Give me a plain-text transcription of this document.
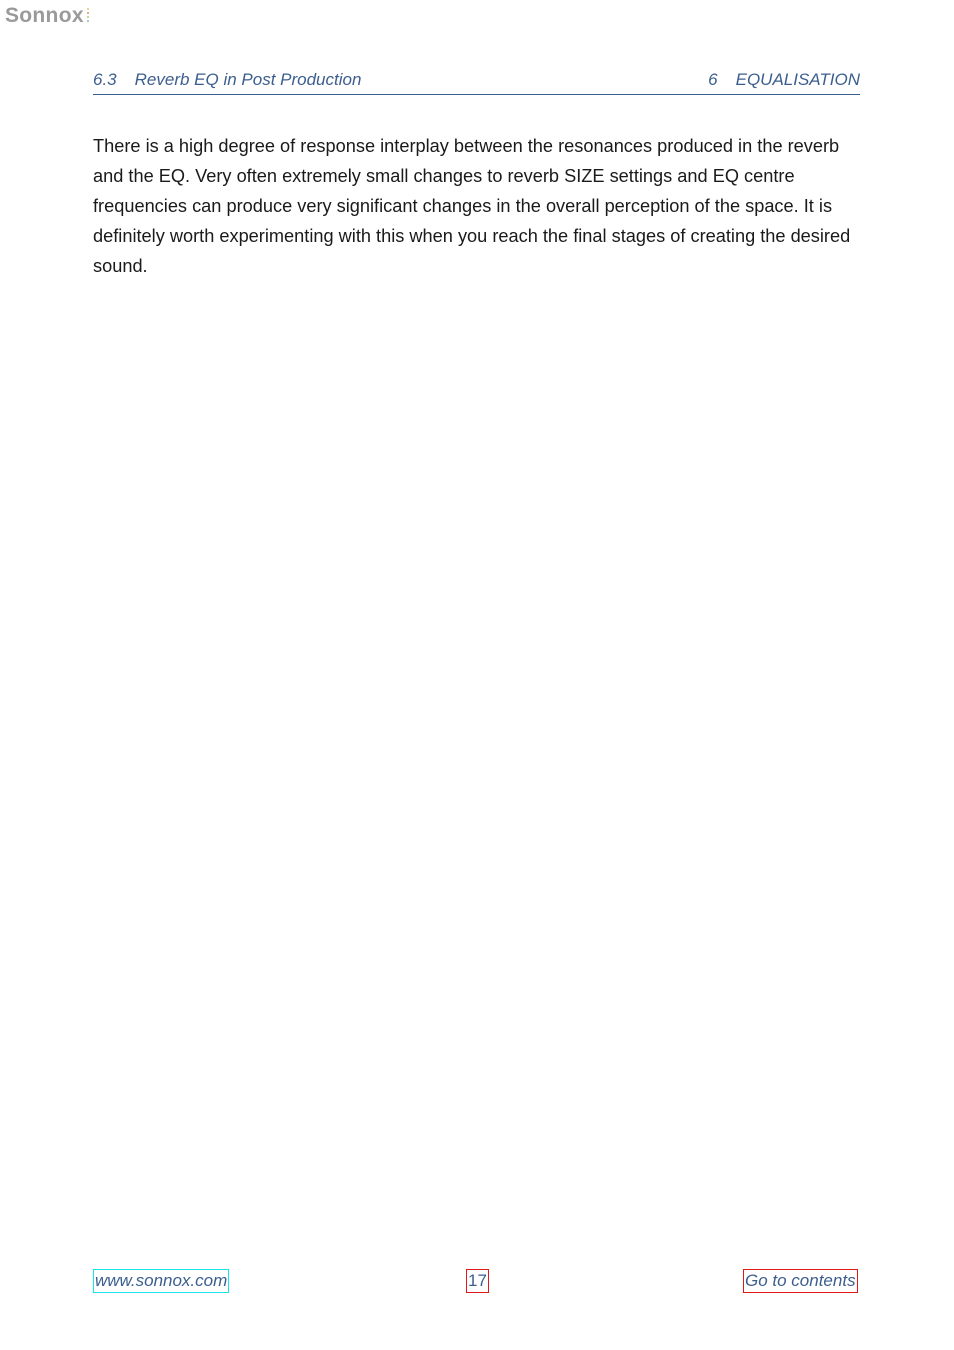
Sonnox
6.3 Reverb EQ in Post Production	6 EQUALISATION

There is a high degree of response interplay between the resonances produced in the reverb and the EQ. Very often extremely small changes to reverb SIZE settings and EQ centre frequencies can produce very significant changes in the overall perception of the space. It is definitely worth experimenting with this when you reach the final stages of creating the desired sound.

www.sonnox.com	17	Go to contents
